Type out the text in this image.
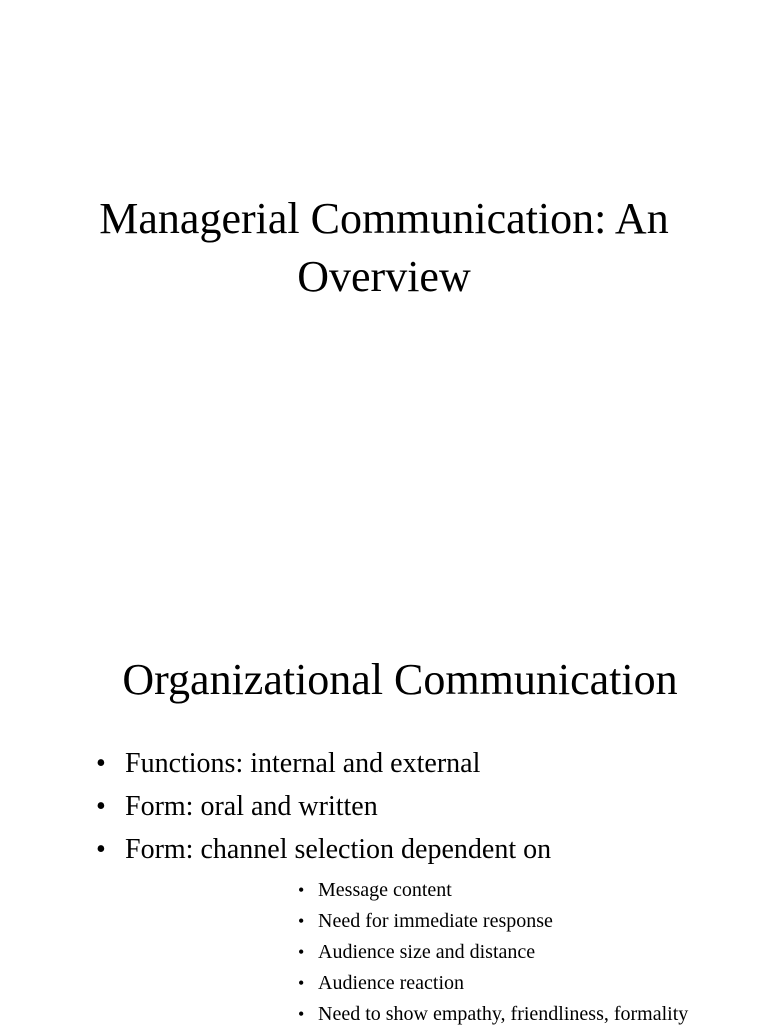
Managerial Communication: An
Overview
Organizational Communication
• Functions: internal and external
• Form: oral and written
• Form: channel selection dependent on
• Message content
• Need for immediate response
• Audience size and distance
• Audience reaction
• Need to show empathy, friendliness, formality
